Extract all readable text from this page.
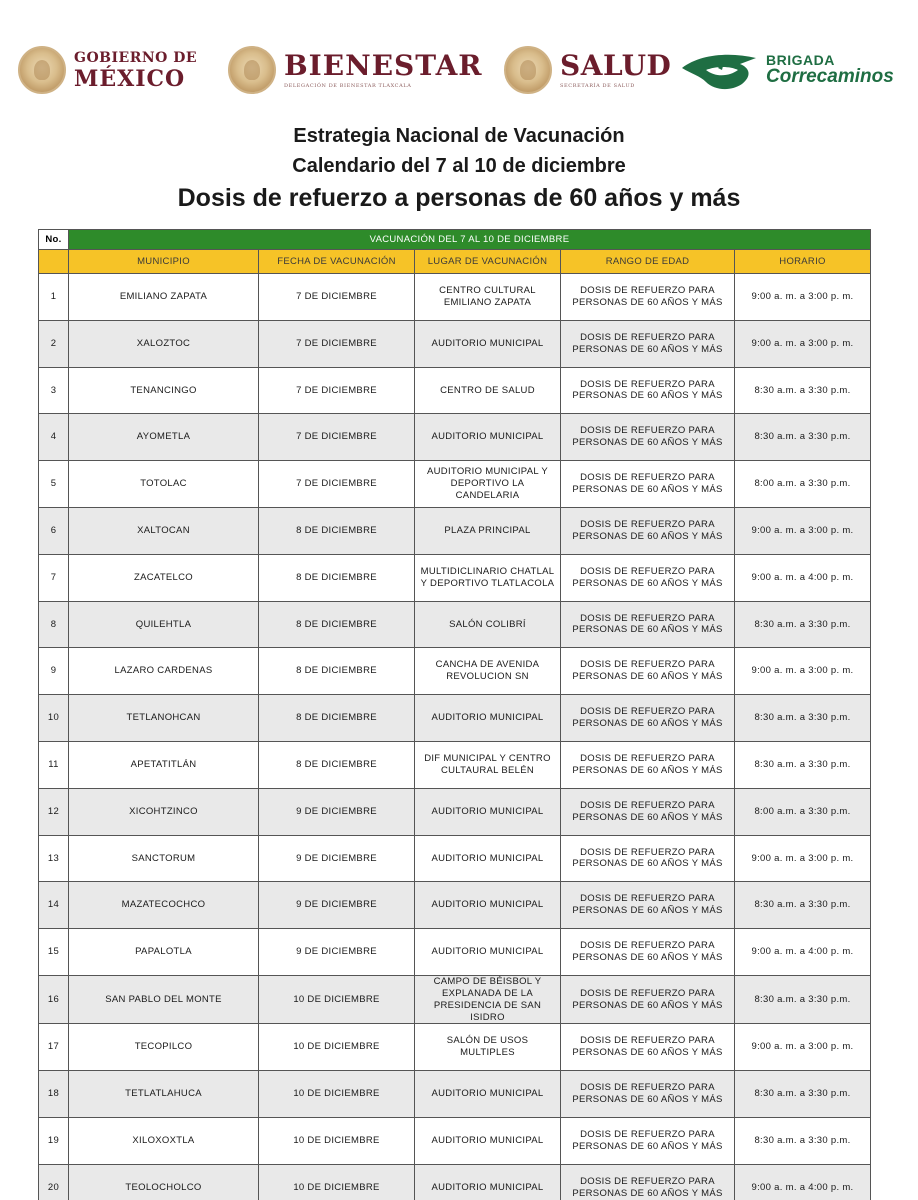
GOBIERNO DE
MÉXICO	BIENESTAR
DELEGACIÓN DE BIENESTAR TLAXCALA
SALUD
SECRETARÍA DE SALUD
BRIGADA
Correcaminos
Estrategia Nacional de Vacunación
Calendario del 7 al 10 de diciembre
Dosis de refuerzo a personas de 60 años y más
No.	VACUNACIÓN DEL 7 AL 10 DE DICIEMBRE				
	MUNICIPIO	FECHA DE VACUNACIÓN	LUGAR DE VACUNACIÓN	RANGO DE EDAD	HORARIO
1	EMILIANO ZAPATA	7 DE DICIEMBRE	CENTRO CULTURAL EMILIANO ZAPATA	DOSIS DE REFUERZO PARA PERSONAS DE 60 AÑOS Y MÁS	9:00 a. m. a 3:00 p. m.
2	XALOZTOC	7 DE DICIEMBRE	AUDITORIO MUNICIPAL	DOSIS DE REFUERZO PARA PERSONAS DE 60 AÑOS Y MÁS	9:00 a. m. a 3:00 p. m.
3	TENANCINGO	7 DE DICIEMBRE	CENTRO DE SALUD	DOSIS DE REFUERZO PARA PERSONAS DE 60 AÑOS Y MÁS	8:30 a.m. a 3:30 p.m.
4	AYOMETLA	7 DE DICIEMBRE	AUDITORIO MUNICIPAL	DOSIS DE REFUERZO PARA PERSONAS DE 60 AÑOS Y MÁS	8:30 a.m. a 3:30 p.m.
5	TOTOLAC	7 DE DICIEMBRE	AUDITORIO MUNICIPAL Y DEPORTIVO LA CANDELARIA	DOSIS DE REFUERZO PARA PERSONAS DE 60 AÑOS Y MÁS	8:00 a.m. a 3:30 p.m.
6	XALTOCAN	8 DE DICIEMBRE	PLAZA PRINCIPAL	DOSIS DE REFUERZO PARA PERSONAS DE 60 AÑOS Y MÁS	9:00 a. m. a 3:00 p. m.
7	ZACATELCO	8 DE DICIEMBRE	MULTIDICLINARIO CHATLAL Y DEPORTIVO TLATLACOLA	DOSIS DE REFUERZO PARA PERSONAS DE 60 AÑOS Y MÁS	9:00 a. m. a 4:00 p. m.
8	QUILEHTLA	8 DE DICIEMBRE	SALÓN COLIBRÍ	DOSIS DE REFUERZO PARA PERSONAS DE 60 AÑOS Y MÁS	8:30 a.m. a 3:30 p.m.
9	LAZARO CARDENAS	8 DE DICIEMBRE	CANCHA DE AVENIDA REVOLUCION SN	DOSIS DE REFUERZO PARA PERSONAS DE 60 AÑOS Y MÁS	9:00 a. m. a 3:00 p. m.
10	TETLANOHCAN	8 DE DICIEMBRE	AUDITORIO MUNICIPAL	DOSIS DE REFUERZO PARA PERSONAS DE 60 AÑOS Y MÁS	8:30 a.m. a 3:30 p.m.
11	APETATITLÁN	8 DE DICIEMBRE	DIF MUNICIPAL Y CENTRO CULTAURAL BELÉN	DOSIS DE REFUERZO PARA PERSONAS DE 60 AÑOS Y MÁS	8:30 a.m. a 3:30 p.m.
12	XICOHTZINCO	9 DE DICIEMBRE	AUDITORIO MUNICIPAL	DOSIS DE REFUERZO PARA PERSONAS DE 60 AÑOS Y MÁS	8:00 a.m. a 3:30 p.m.
13	SANCTORUM	9 DE DICIEMBRE	AUDITORIO MUNICIPAL	DOSIS DE REFUERZO PARA PERSONAS DE 60 AÑOS Y MÁS	9:00 a. m. a 3:00 p. m.
14	MAZATECOCHCO	9 DE DICIEMBRE	AUDITORIO MUNICIPAL	DOSIS DE REFUERZO PARA PERSONAS DE 60 AÑOS Y MÁS	8:30 a.m. a 3:30 p.m.
15	PAPALOTLA	9 DE DICIEMBRE	AUDITORIO MUNICIPAL	DOSIS DE REFUERZO PARA PERSONAS DE 60 AÑOS Y MÁS	9:00 a. m. a 4:00 p. m.
16	SAN PABLO DEL MONTE	10 DE DICIEMBRE	CAMPO DE BÉISBOL Y EXPLANADA DE LA PRESIDENCIA DE SAN ISIDRO	DOSIS DE REFUERZO PARA PERSONAS DE 60 AÑOS Y MÁS	8:30 a.m. a 3:30 p.m.
17	TECOPILCO	10 DE DICIEMBRE	SALÓN DE USOS MULTIPLES	DOSIS DE REFUERZO PARA PERSONAS DE 60 AÑOS Y MÁS	9:00 a. m. a 3:00 p. m.
18	TETLATLAHUCA	10 DE DICIEMBRE	AUDITORIO MUNICIPAL	DOSIS DE REFUERZO PARA PERSONAS DE 60 AÑOS Y MÁS	8:30 a.m. a 3:30 p.m.
19	XILOXOXTLA	10 DE DICIEMBRE	AUDITORIO MUNICIPAL	DOSIS DE REFUERZO PARA PERSONAS DE 60 AÑOS Y MÁS	8:30 a.m. a 3:30 p.m.
20	TEOLOCHOLCO	10 DE DICIEMBRE	AUDITORIO MUNICIPAL	DOSIS DE REFUERZO PARA PERSONAS DE 60 AÑOS Y MÁS	9:00 a. m. a 4:00 p. m.
